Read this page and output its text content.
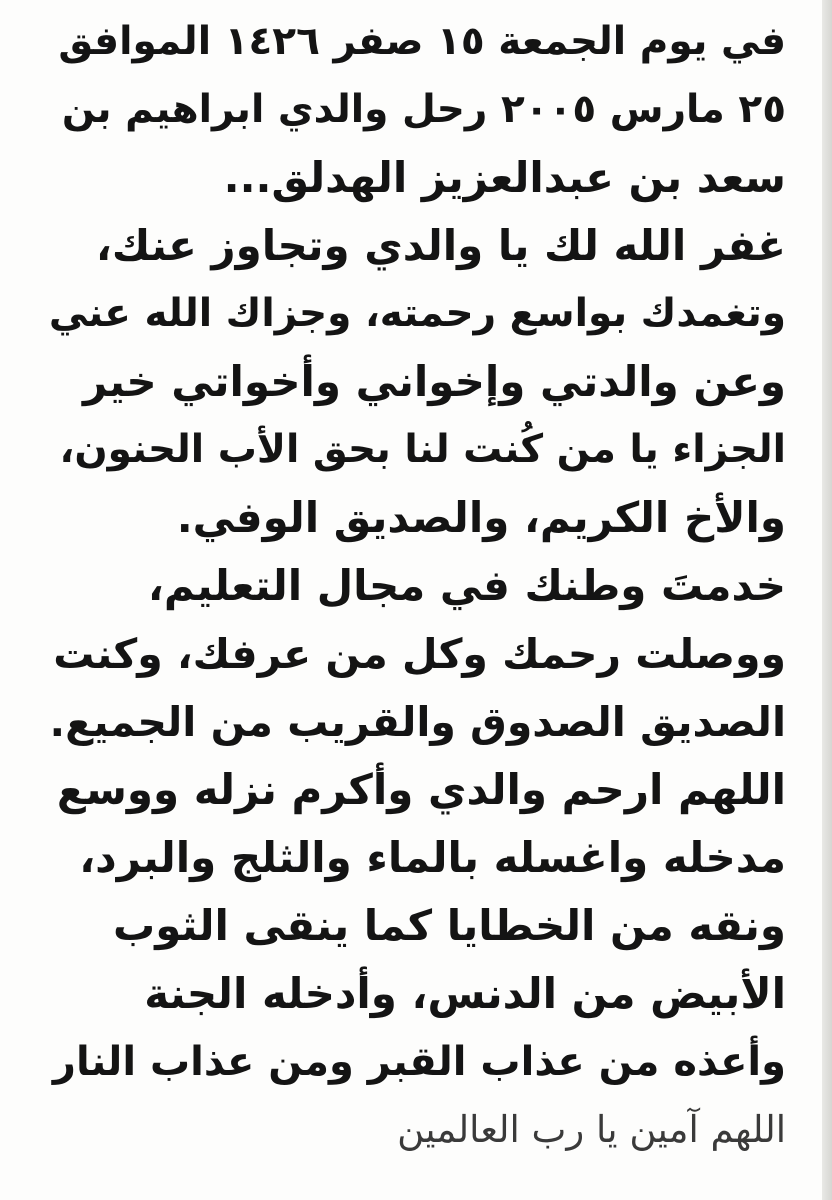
في يوم الجمعة ١٥ صفر ١٤٢٦ الموافق
٢٥ مارس ٢٠٠٥ رحل والدي ابراهيم بن
سعد بن عبدالعزيز الهدلق...
غفر الله لك يا والدي وتجاوز عنك،
وتغمدك بواسع رحمته، وجزاك الله عني
وعن والدتي وإخواني وأخواتي خير
الجزاء يا من كُنت لنا بحق الأب الحنون،
والأخ الكريم، والصديق الوفي.
خدمتَ وطنك في مجال التعليم،
ووصلت رحمك وكل من عرفك، وكنت
الصديق الصدوق والقريب من الجميع.
اللهم ارحم والدي وأكرم نزله ووسع
مدخله واغسله بالماء والثلج والبرد،
ونقه من الخطايا كما ينقى الثوب
الأبيض من الدنس، وأدخله الجنة
وأعذه من عذاب القبر ومن عذاب النار
اللهم آمين يا رب العالمين
